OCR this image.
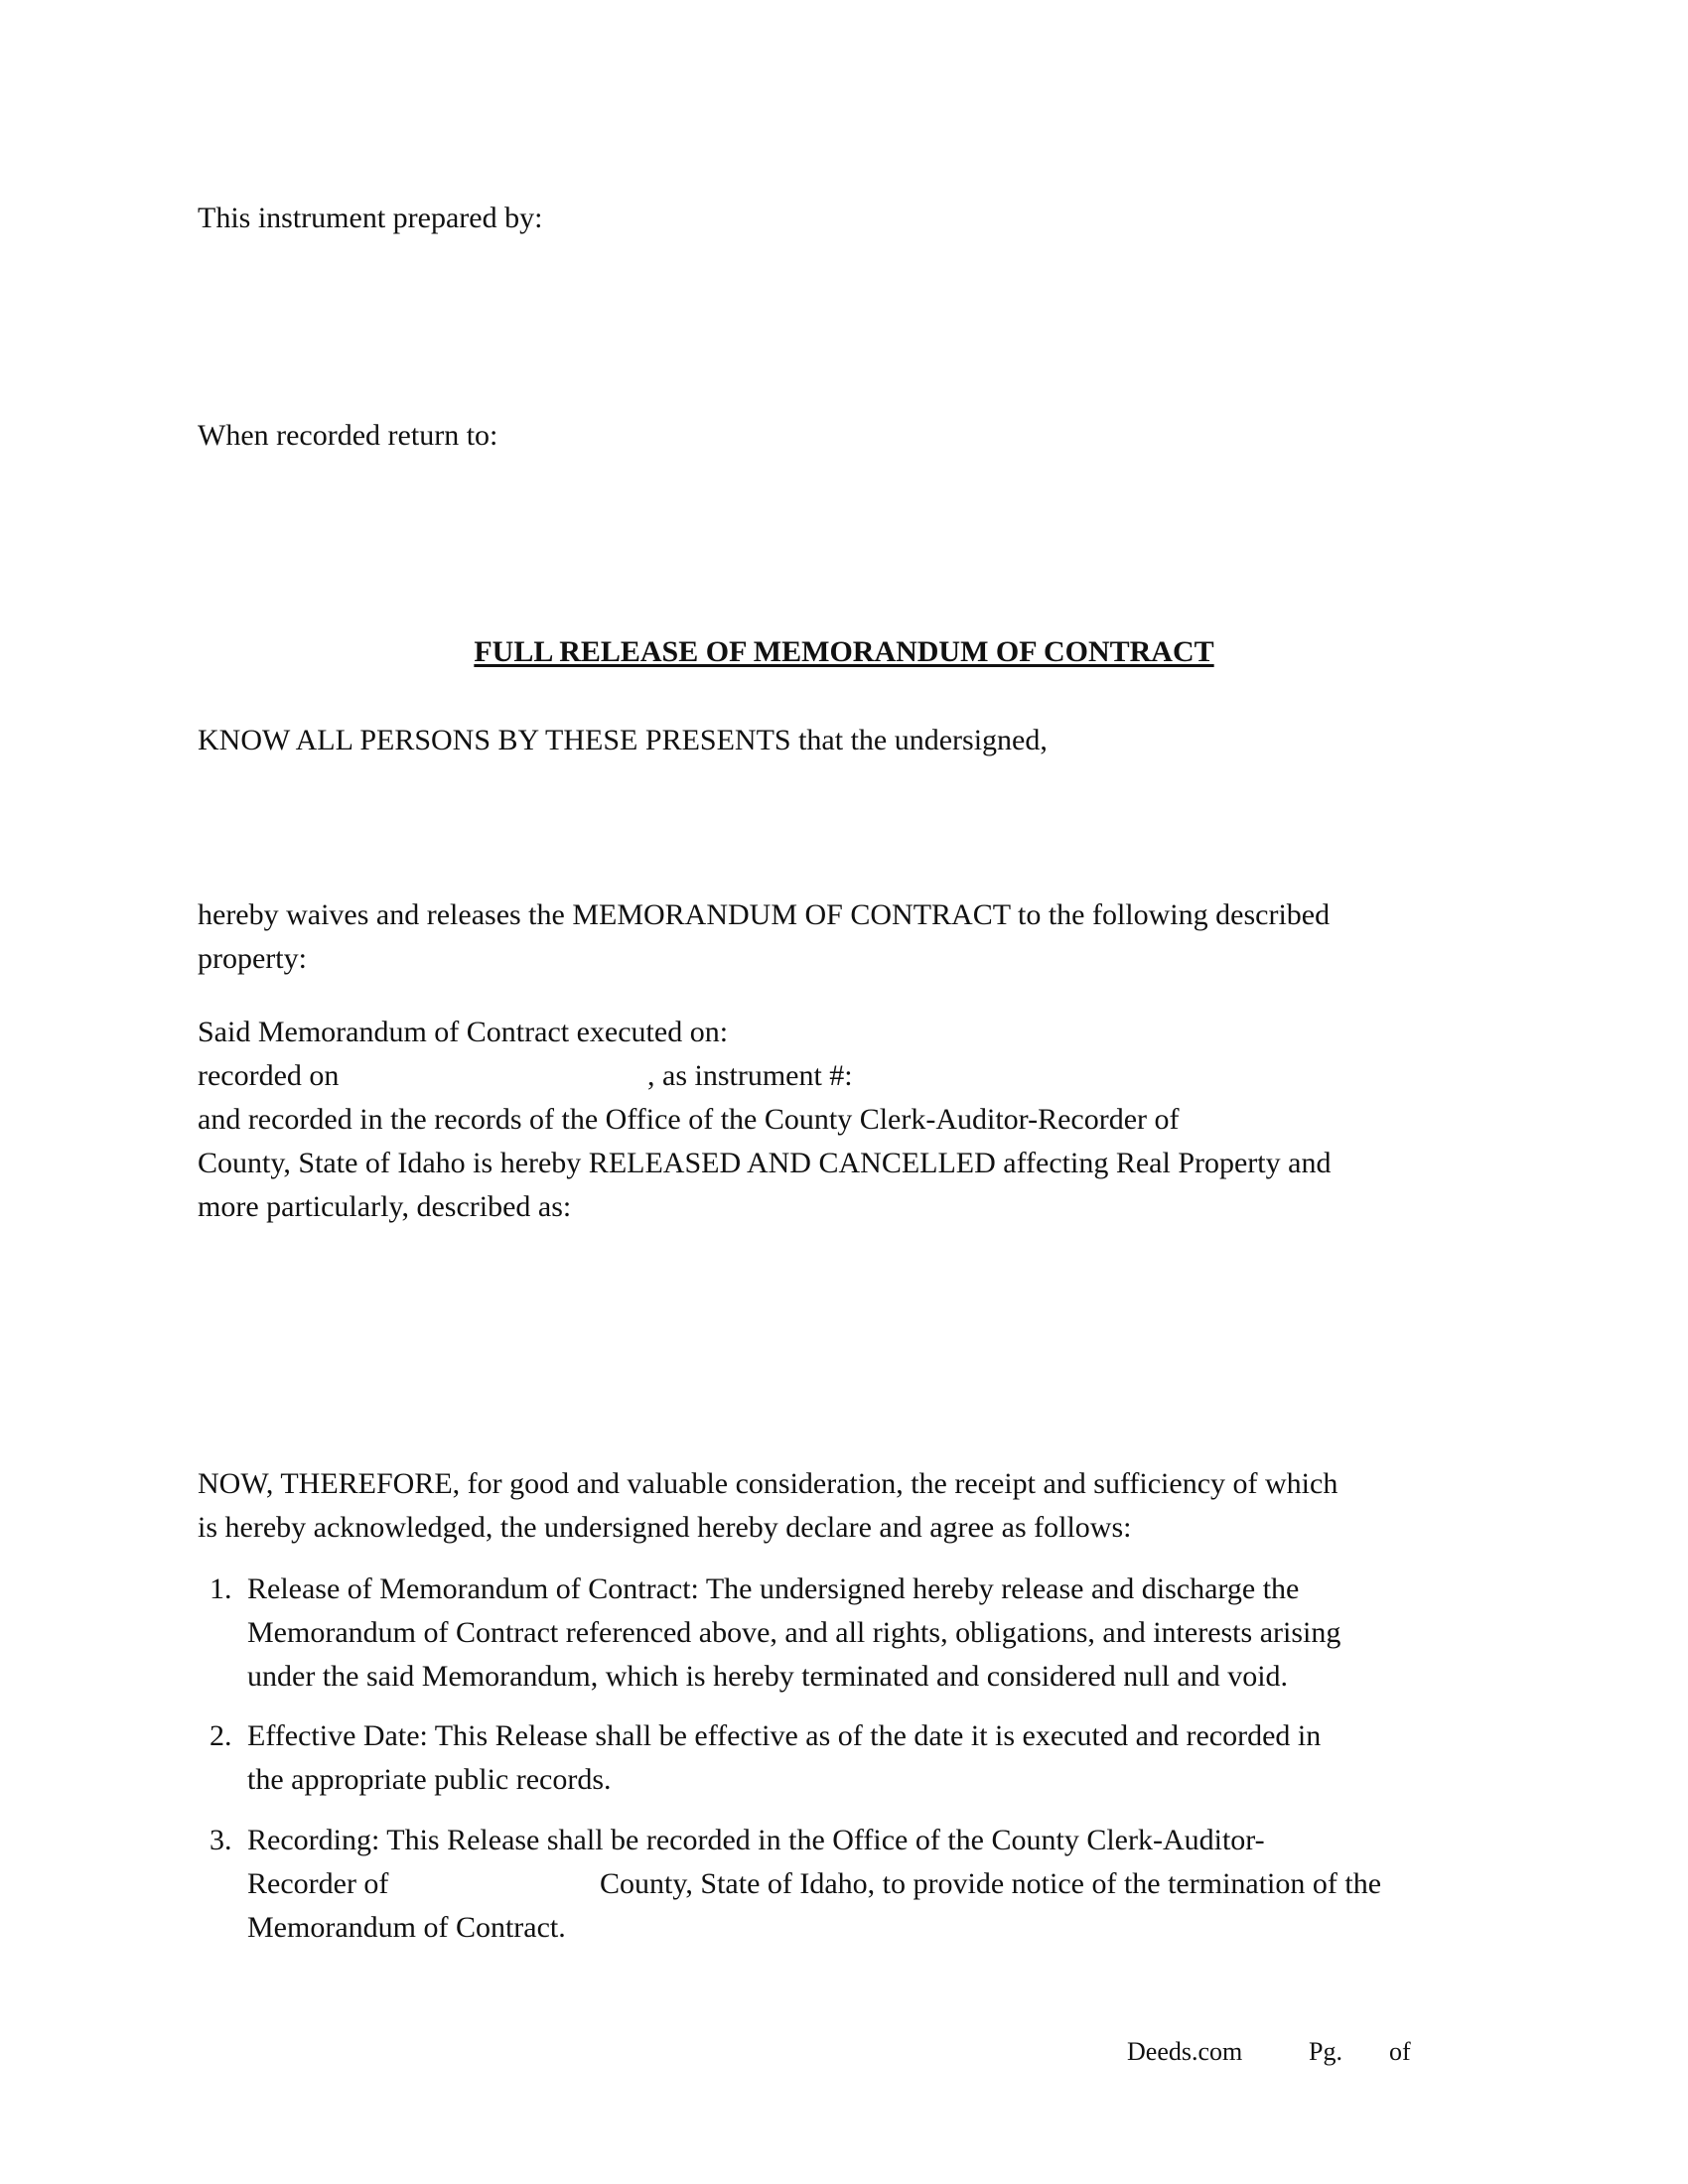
This instrument prepared by:
When recorded return to:
FULL RELEASE OF MEMORANDUM OF CONTRACT
KNOW ALL PERSONS BY THESE PRESENTS that the undersigned,
hereby waives and releases the MEMORANDUM OF CONTRACT to the following described
property:
Said Memorandum of Contract executed on:
recorded on	, as instrument #:
and recorded in the records of the Office of the County Clerk-Auditor-Recorder of
County, State of Idaho is hereby RELEASED AND CANCELLED affecting Real Property and
more particularly, described as:
NOW, THEREFORE, for good and valuable consideration, the receipt and sufficiency of which
is hereby acknowledged, the undersigned hereby declare and agree as follows:
1. Release of Memorandum of Contract: The undersigned hereby release and discharge the
Memorandum of Contract referenced above, and all rights, obligations, and interests arising
under the said Memorandum, which is hereby terminated and considered null and void.
2. Effective Date: This Release shall be effective as of the date it is executed and recorded in
the appropriate public records.
3. Recording: This Release shall be recorded in the Office of the County Clerk-Auditor-
Recorder of	County, State of Idaho, to provide notice of the termination of the
Memorandum of Contract.
Deeds.com	Pg. of
